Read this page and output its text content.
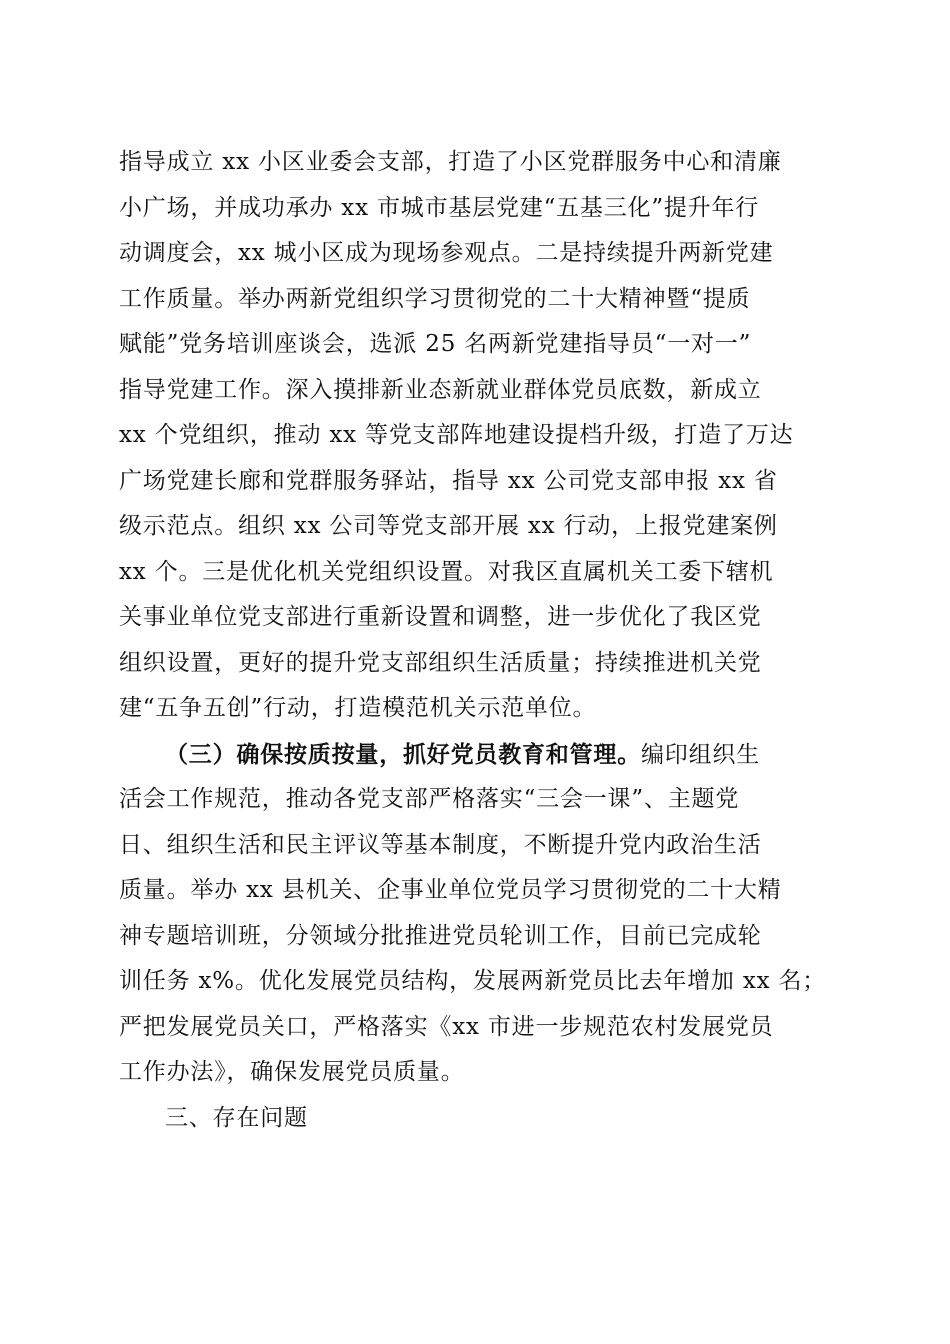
指导成立 xx 小区业委会支部，打造了小区党群服务中心和清廉
小广场，并成功承办 xx 市城市基层党建“五基三化”提升年行
动调度会，xx 城小区成为现场参观点。二是持续提升两新党建
工作质量。举办两新党组织学习贯彻党的二十大精神暨“提质
赋能”党务培训座谈会，选派 25 名两新党建指导员“一对一”
指导党建工作。深入摸排新业态新就业群体党员底数，新成立
xx 个党组织，推动 xx 等党支部阵地建设提档升级，打造了万达
广场党建长廊和党群服务驿站，指导 xx 公司党支部申报 xx 省
级示范点。组织 xx 公司等党支部开展 xx 行动，上报党建案例
xx 个。三是优化机关党组织设置。对我区直属机关工委下辖机
关事业单位党支部进行重新设置和调整，进一步优化了我区党
组织设置，更好的提升党支部组织生活质量；持续推进机关党
建“五争五创”行动，打造模范机关示范单位。
（三）确保按质按量，抓好党员教育和管理。编印组织生
活会工作规范，推动各党支部严格落实“三会一课”、主题党
日、组织生活和民主评议等基本制度，不断提升党内政治生活
质量。举办 xx 县机关、企事业单位党员学习贯彻党的二十大精
神专题培训班，分领域分批推进党员轮训工作，目前已完成轮
训任务 x%。优化发展党员结构，发展两新党员比去年增加 xx 名；
严把发展党员关口，严格落实《xx 市进一步规范农村发展党员
工作办法》，确保发展党员质量。
三、存在问题
